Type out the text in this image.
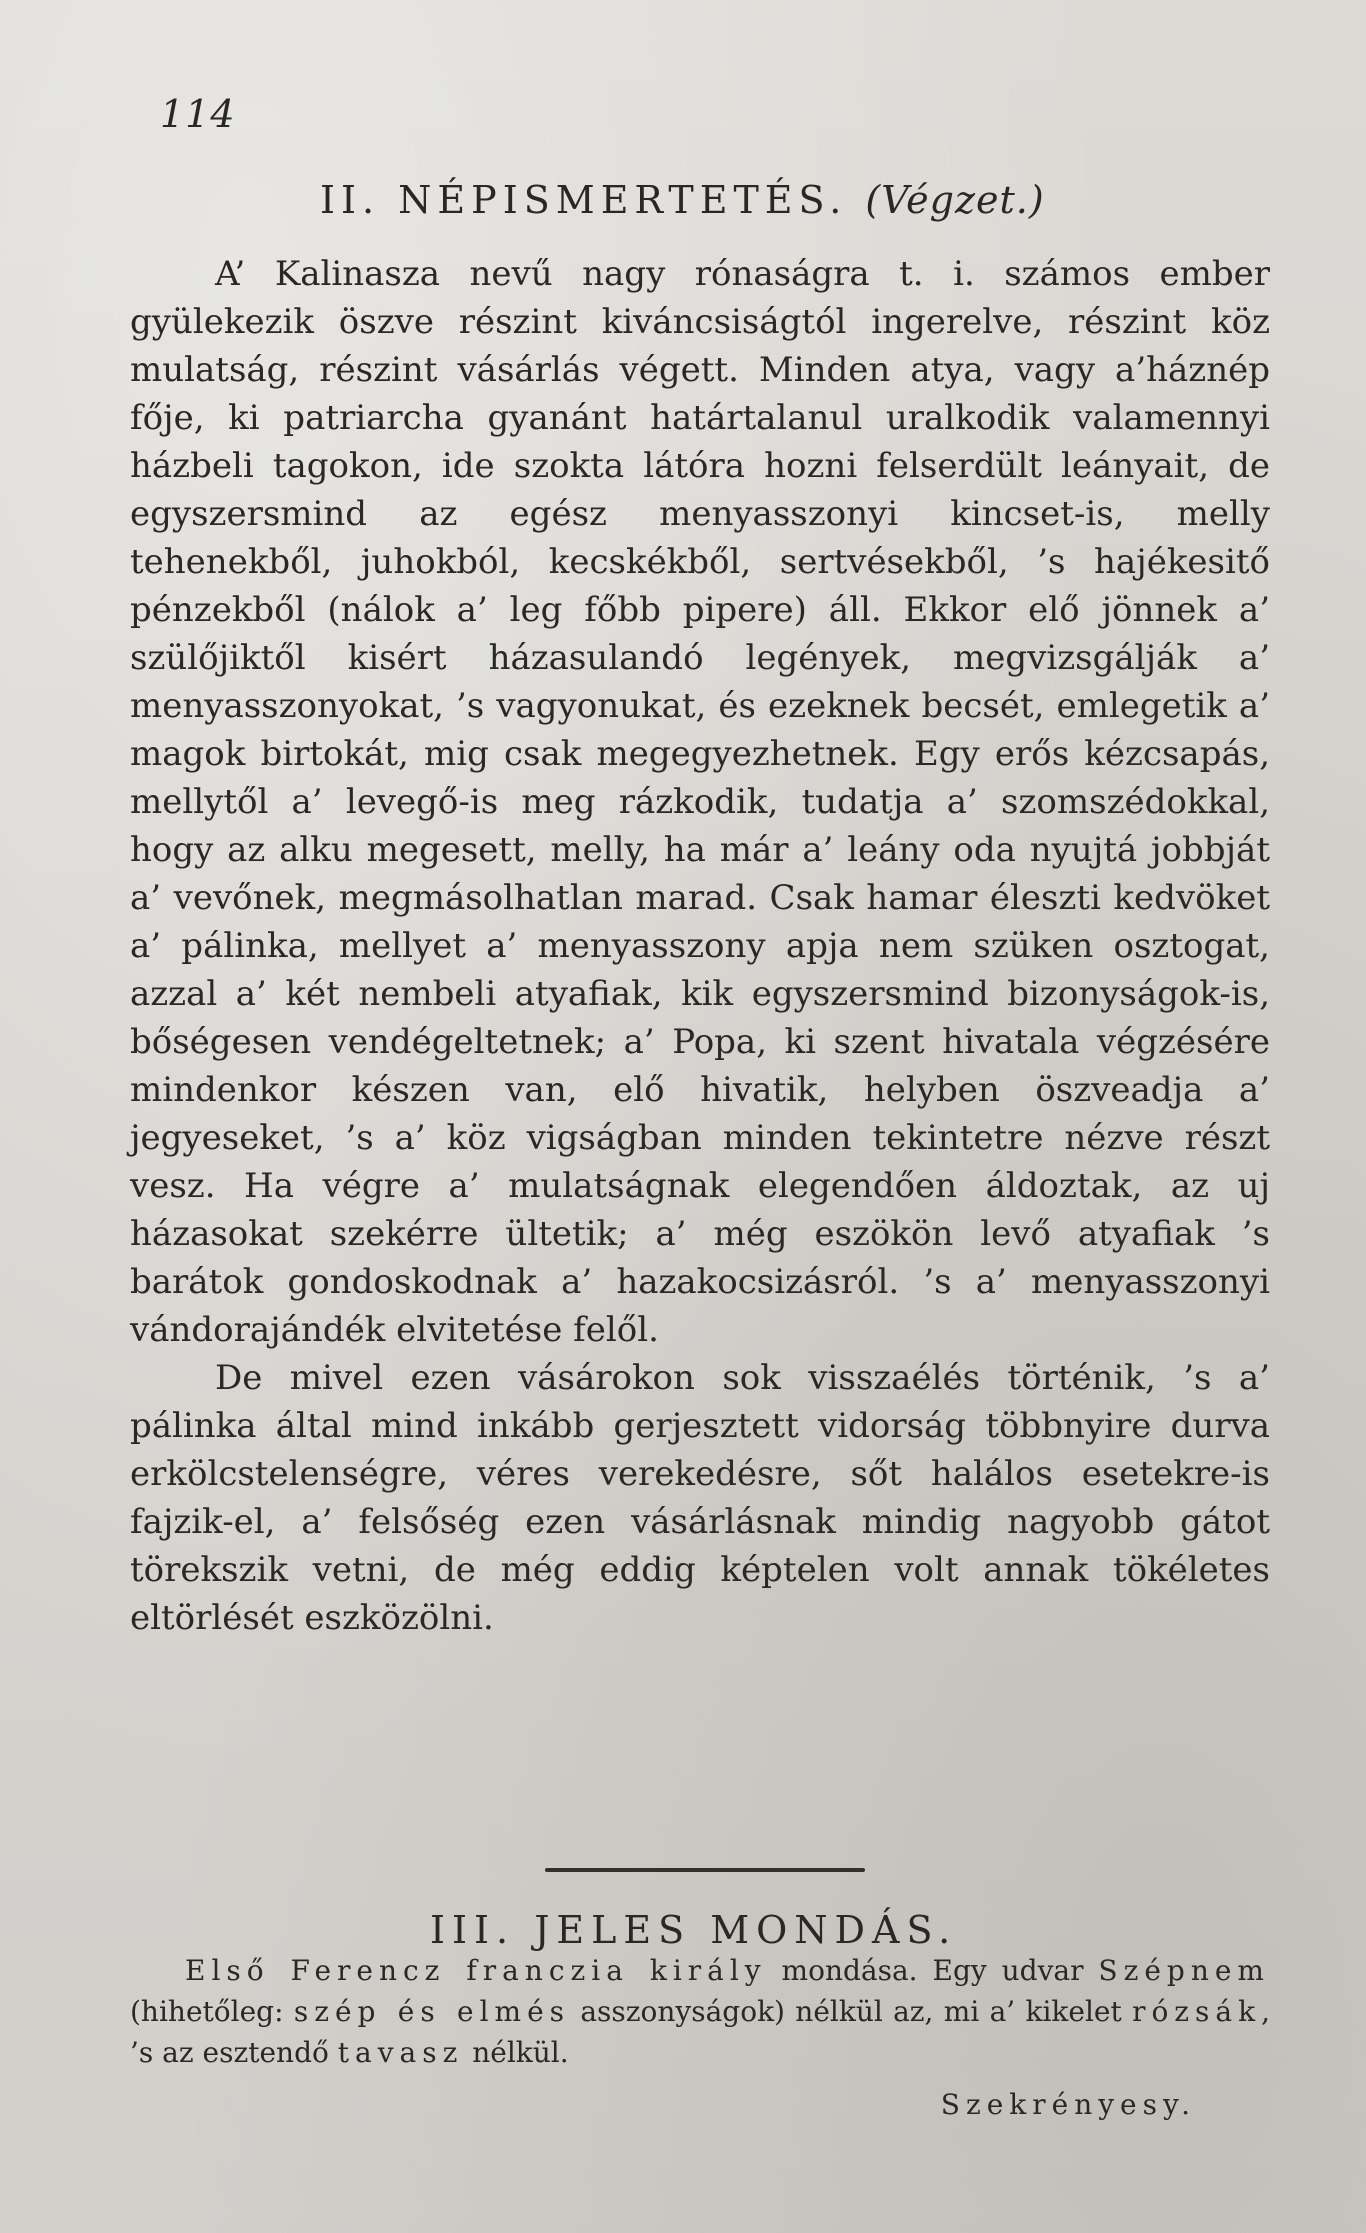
114
II. NÉPISMERTETÉS. (Végzet.)

A’ Kalinasza nevű nagy rónaságra t. i. számos ember gyülekezik öszve részint kiváncsiságtól ingerelve, részint köz mulatság, részint vásárlás végett. Minden atya, vagy a’háznép fője, ki patriarcha gyanánt határtalanul uralkodik valamennyi házbeli tagokon, ide szokta látóra hozni felserdült leányait, de egyszersmind az egész menyasszonyi kincset-is, melly tehenekből, juhokból, kecskékből, sertvésekből, ’s hajékesitő pénzekből (nálok a’ leg főbb pipere) áll. Ekkor elő jönnek a’ szülőjiktől kisért házasulandó legények, megvizsgálják a’ menyasszonyokat, ’s vagyonukat, és ezeknek becsét, emlegetik a’ magok birtokát, mig csak megegyezhetnek. Egy erős kézcsapás, mellytől a’ levegő-is meg rázkodik, tudatja a’ szomszédokkal, hogy az alku megesett, melly, ha már a’ leány oda nyujtá jobbját a’ vevőnek, megmásolhatlan marad. Csak hamar éleszti kedvöket a’ pálinka, mellyet a’ menyasszony apja nem szüken osztogat, azzal a’ két nembeli atyafiak, kik egyszersmind bizonyságok-is, bőségesen vendégeltetnek; a’ Popa, ki szent hivatala végzésére mindenkor készen van, elő hivatik, helyben öszveadja a’ jegyeseket, ’s a’ köz vigságban minden tekintetre nézve részt vesz. Ha végre a’ mulatságnak elegendően áldoztak, az uj házasokat szekérre ültetik; a’ még eszökön levő atyafiak ’s barátok gondoskodnak a’ hazakocsizásról. ’s a’ menyasszonyi vándorajándék elvitetése felől.

De mivel ezen vásárokon sok visszaélés történik, ’s a’ pálinka által mind inkább gerjesztett vidorság többnyire durva erkölcstelenségre, véres verekedésre, sőt halálos esetekre-is fajzik-el, a’ felsőség ezen vásárlásnak mindig nagyobb gátot törekszik vetni, de még eddig képtelen volt annak tökéletes eltörlését eszközölni.

III. JELES MONDÁS.

Első Ferencz franczia király mondása. Egy udvar Szépnem (hihetőleg: szép és elmés asszonyságok) nélkül az, mi a’ kikelet rózsák, ’s az esztendő tavasz nélkül.

Szekrényesy.
